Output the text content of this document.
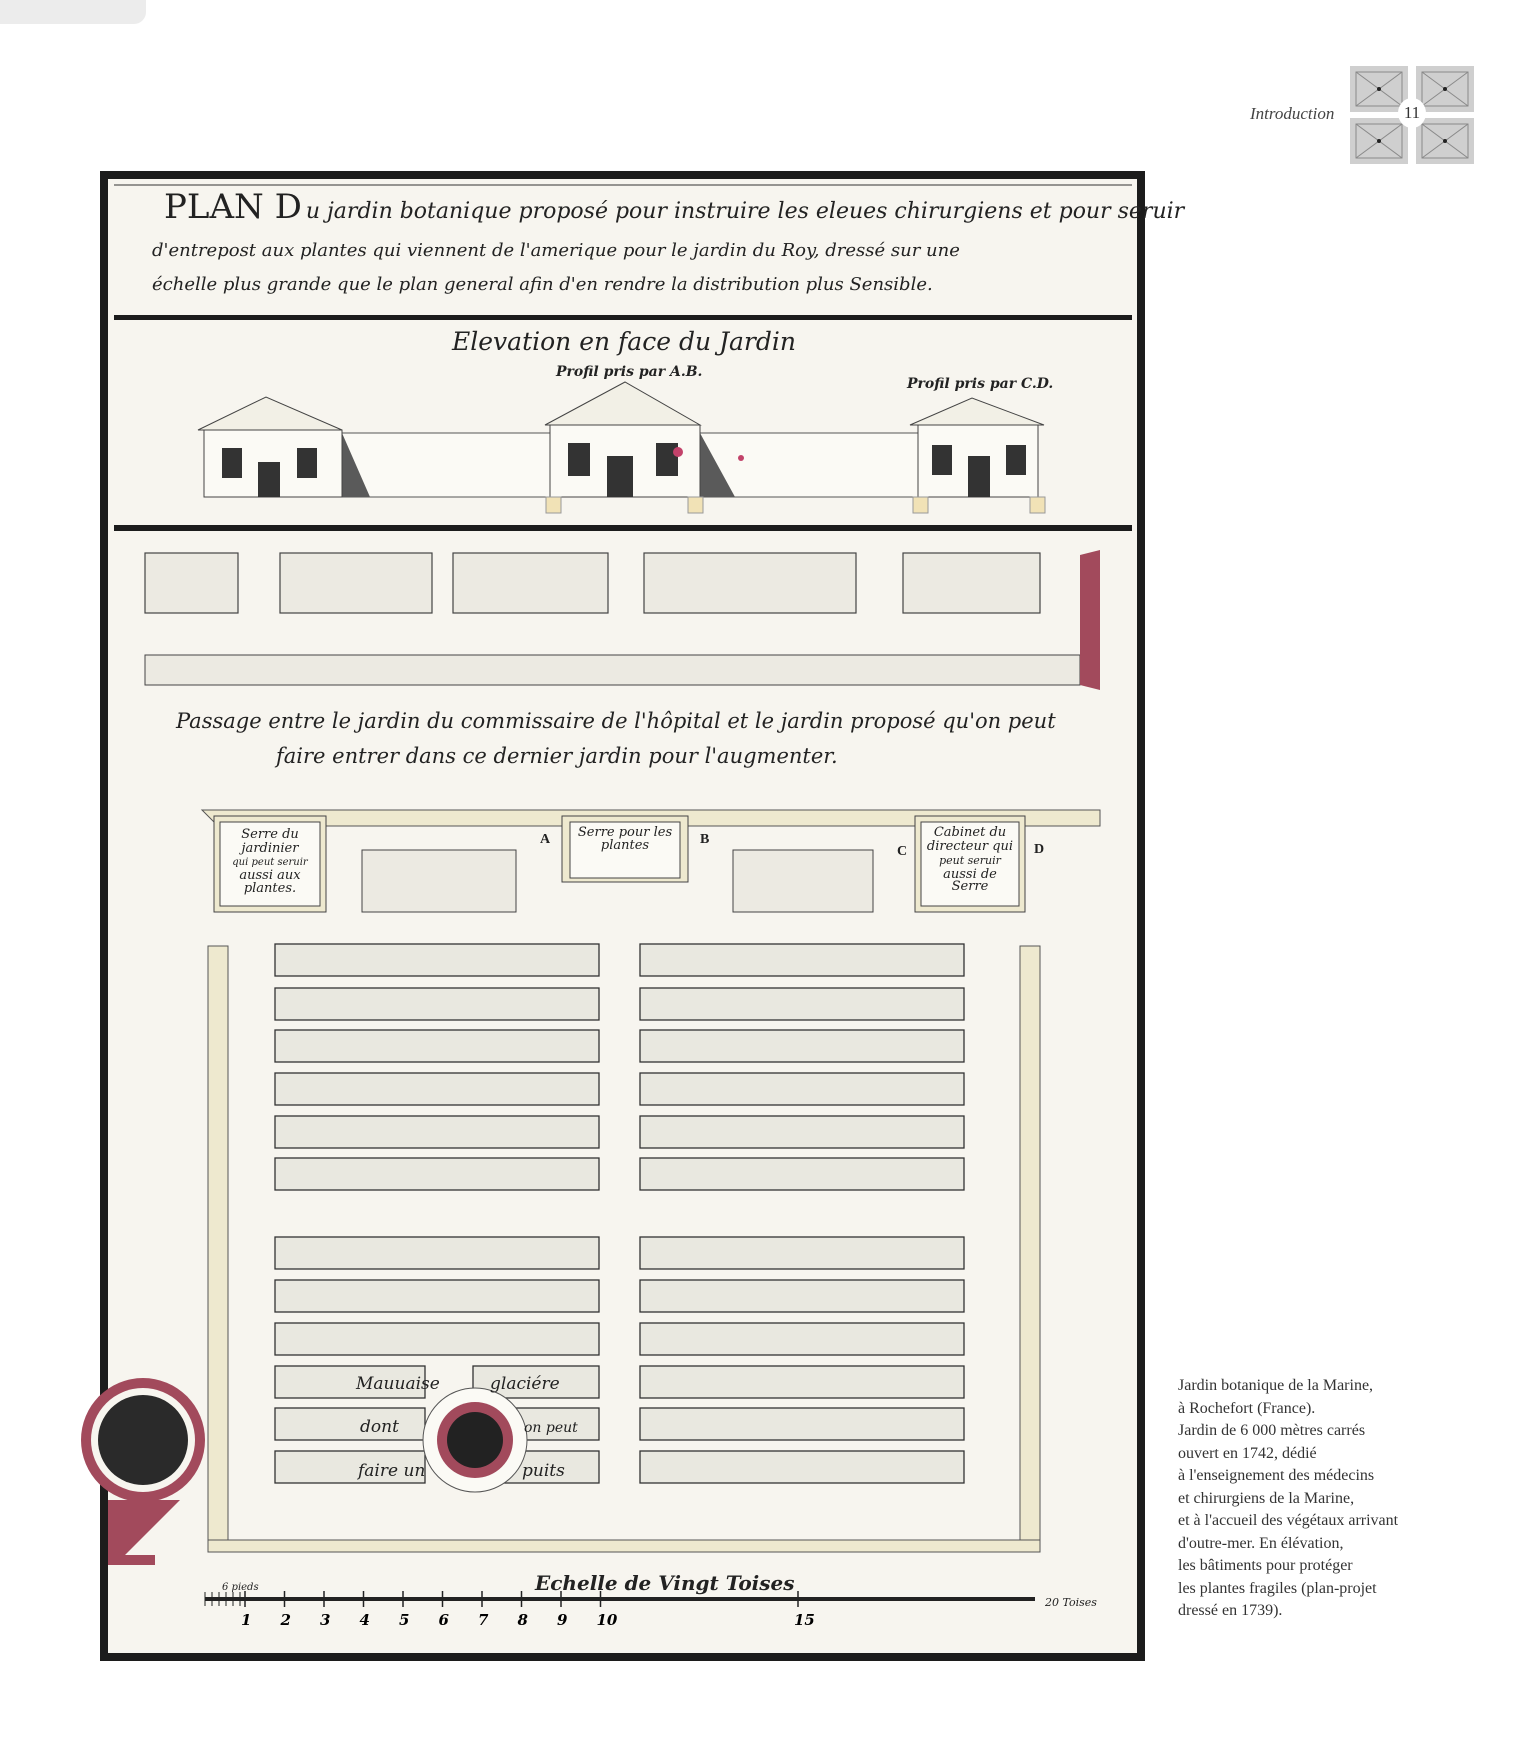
Introduction	11
PLAN D u jardin botanique proposé pour instruire les eleues chirurgiens et pour seruir
d'entrepost aux plantes qui viennent de l'amerique pour le jardin du Roy, dressé sur une
échelle plus grande que le plan general afin d'en rendre la distribution plus Sensible.
Elevation en face du Jardin
Profil pris par A.B.
Profil pris par C.D.
Passage entre le jardin du commissaire de l'hôpital et le jardin proposé qu'on peut
faire entrer dans ce dernier jardin pour l'augmenter.
Serre du
jardinier
qui peut seruir
aussi aux
plantes.
Serre pour les
plantes
Cabinet du
directeur qui
peut seruir
aussi de
Serre
A	B
C	D
Mauuaise	glaciére
dont	on peut
faire un	puits
Echelle de Vingt Toises
1 2 3 4 5 6 7 8 9 10	15
20 Toises
6 pieds
Jardin botanique de la Marine,
à Rochefort (France).
Jardin de 6 000 mètres carrés
ouvert en 1742, dédié
à l'enseignement des médecins
et chirurgiens de la Marine,
et à l'accueil des végétaux arrivant
d'outre-mer. En élévation,
les bâtiments pour protéger
les plantes fragiles (plan-projet
dressé en 1739).
